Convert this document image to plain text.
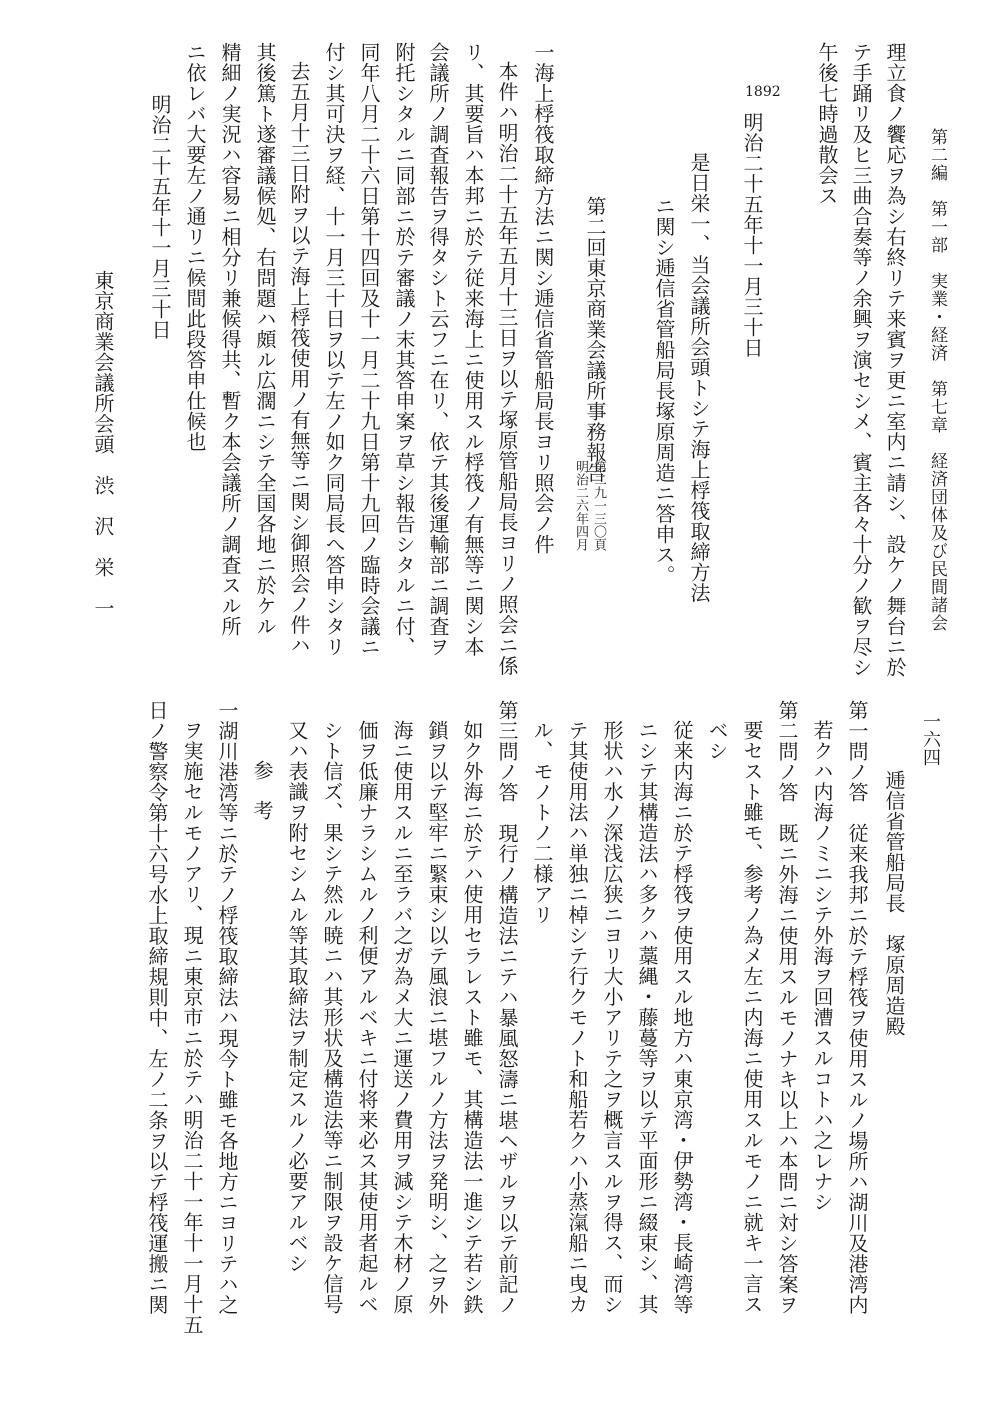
第二編　第一部　実業・経済　第七章　経済団体及び民間諸会
一六四
理立食ノ饗応ヲ為シ右終リテ来賓ヲ更ニ室内ニ請シ、設ケノ舞台ニ於
テ手踊リ及ヒ三曲合奏等ノ余興ヲ演セシメ、賓主各々十分ノ歓ヲ尽シ
午後七時過散会ス
1892
明治二十五年十一月三十日
是日栄一、当会議所会頭トシテ海上桴筏取締方法
ニ関シ逓信省管船局長塚原周造ニ答申ス。
第二回東京商業会議所事務報告
第二九一三〇頁
明治二六年四月
一海上桴筏取締方法ニ関シ逓信省管船局長ヨリ照会ノ件
本件ハ明治二十五年五月十三日ヲ以テ塚原管船局長ヨリノ照会ニ係
リ、其要旨ハ本邦ニ於テ従来海上ニ使用スル桴筏ノ有無等ニ関シ本
会議所ノ調査報告ヲ得タシト云フニ在リ、依テ其後運輸部ニ調査ヲ
附托シタルニ同部ニ於テ審議ノ末其答申案ヲ草シ報告シタルニ付、
同年八月二十六日第十四回及十一月二十九日第十九回ノ臨時会議ニ
付シ其可決ヲ経、十一月三十日ヲ以テ左ノ如ク同局長へ答申シタリ
去五月十三日附ヲ以テ海上桴筏使用ノ有無等ニ関シ御照会ノ件ハ
其後篤ト遂審議候処、右問題ハ頗ル広濶ニシテ全国各地ニ於ケル
精細ノ実況ハ容易ニ相分リ兼候得共、暫ク本会議所ノ調査スル所
ニ依レバ大要左ノ通リニ候間此段答申仕候也
明治二十五年十一月三十日
東京商業会議所会頭　渋　沢　栄　一
逓信省管船局長　塚原周造殿
第一問ノ答　従来我邦ニ於テ桴筏ヲ使用スルノ場所ハ湖川及港湾内
若クハ内海ノミニシテ外海ヲ回漕スルコトハ之レナシ
第二問ノ答　既ニ外海ニ使用スルモノナキ以上ハ本問ニ対シ答案ヲ
要セスト雖モ、参考ノ為メ左ニ内海ニ使用スルモノニ就キ一言ス
ベシ
従来内海ニ於テ桴筏ヲ使用スル地方ハ東京湾・伊勢湾・長崎湾等
ニシテ其構造法ハ多クハ藁縄・藤蔓等ヲ以テ平面形ニ綴束シ、其
形状ハ水ノ深浅広狭ニヨリ大小アリテ之ヲ概言スルヲ得ス、而シ
テ其使用法ハ単独ニ棹シテ行クモノト和船若クハ小蒸滊船ニ曳カ
ル、モノトノ二様アリ
第三問ノ答　現行ノ構造法ニテハ暴風怒濤ニ堪ヘザルヲ以テ前記ノ
如ク外海ニ於テハ使用セラレスト雖モ、其構造法一進シテ若シ鉄
鎖ヲ以テ堅牢ニ緊束シ以テ風浪ニ堪フルノ方法ヲ発明シ、之ヲ外
海ニ使用スルニ至ラバ之ガ為メ大ニ運送ノ費用ヲ減シテ木材ノ原
価ヲ低廉ナラシムルノ利便アルベキニ付将来必ス其使用者起ルベ
シト信ズ、果シテ然ル暁ニハ其形状及構造法等ニ制限ヲ設ケ信号
又ハ表識ヲ附セシムル等其取締法ヲ制定スルノ必要アルベシ
参　考
一湖川港湾等ニ於テノ桴筏取締法ハ現今ト雖モ各地方ニヨリテハ之
ヲ実施セルモノアリ、現ニ東京市ニ於テハ明治二十一年十一月十五
日ノ警察令第十六号水上取締規則中、左ノ二条ヲ以テ桴筏運搬ニ関
